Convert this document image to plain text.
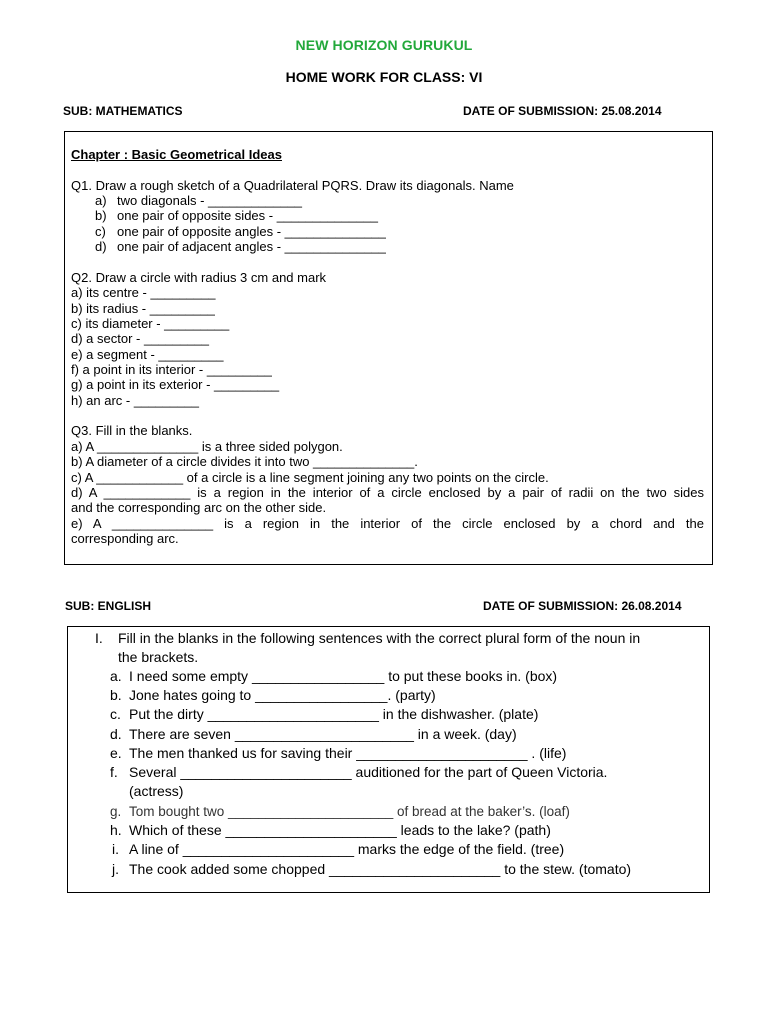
NEW HORIZON GURUKUL
HOME WORK FOR CLASS: VI
SUB: MATHEMATICS	DATE OF SUBMISSION: 25.08.2014
Chapter : Basic Geometrical Ideas
Q1. Draw a rough sketch of a Quadrilateral PQRS. Draw its diagonals. Name
a) two diagonals - _____________
b) one pair of opposite sides - ______________
c) one pair of opposite angles - ______________
d) one pair of adjacent angles - ______________
Q2. Draw a circle with radius 3 cm and mark
a) its centre - _________
b) its radius - _________
c) its diameter - _________
d) a sector - _________
e) a segment - _________
f) a point in its interior - _________
g) a point in its exterior - _________
h) an arc - _________
Q3. Fill in the blanks.
a) A ______________ is a three sided polygon.
b) A diameter of a circle divides it into two ______________.
c) A ____________ of a circle is a line segment joining any two points on the circle.
d) A ____________ is a region in the interior of a circle enclosed by a pair of radii on the two sides
and the corresponding arc on the other side.
e) A ______________ is a region in the interior of the circle enclosed by a chord and the
corresponding arc.
SUB: ENGLISH	DATE OF SUBMISSION: 26.08.2014
I. Fill in the blanks in the following sentences with the correct plural form of the noun in
the brackets.
a. I need some empty _________________ to put these books in. (box)
b. Jone hates going to _________________. (party)
c. Put the dirty ______________________ in the dishwasher. (plate)
d. There are seven _______________________ in a week. (day)
e. The men thanked us for saving their ______________________ . (life)
f. Several ______________________ auditioned for the part of Queen Victoria.
(actress)
g. Tom bought two ______________________ of bread at the baker’s. (loaf)
h. Which of these ______________________ leads to the lake? (path)
i. A line of ______________________ marks the edge of the field. (tree)
j. The cook added some chopped ______________________ to the stew. (tomato)
